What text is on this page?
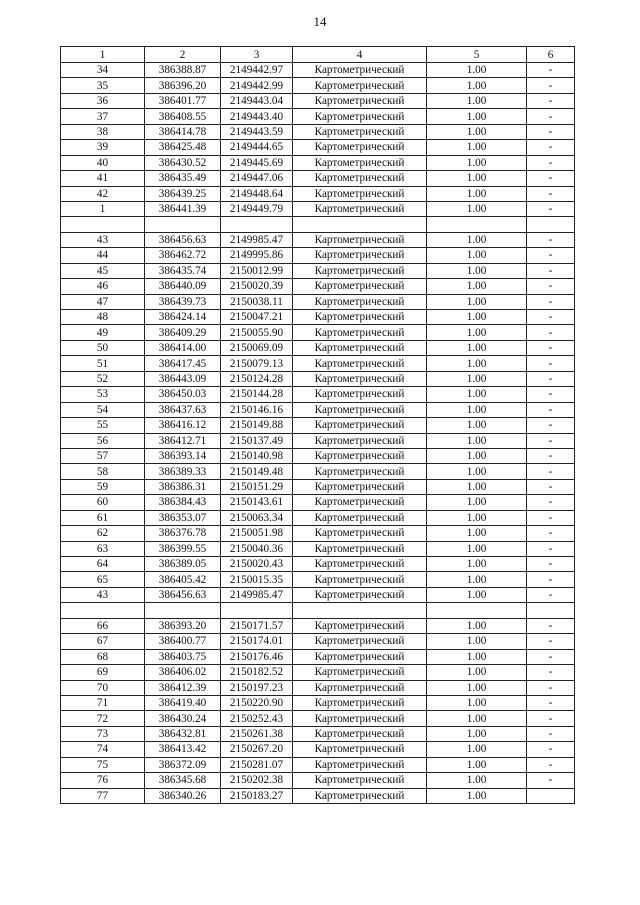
14
1	2	3	4	5	6
34	386388.87	2149442.97	Картометрический	1.00	-
35	386396.20	2149442.99	Картометрический	1.00	-
36	386401.77	2149443.04	Картометрический	1.00	-
37	386408.55	2149443.40	Картометрический	1.00	-
38	386414.78	2149443.59	Картометрический	1.00	-
39	386425.48	2149444.65	Картометрический	1.00	-
40	386430.52	2149445.69	Картометрический	1.00	-
41	386435.49	2149447.06	Картометрический	1.00	-
42	386439.25	2149448.64	Картометрический	1.00	-
1	386441.39	2149449.79	Картометрический	1.00	-

43	386456.63	2149985.47	Картометрический	1.00	-
44	386462.72	2149995.86	Картометрический	1.00	-
45	386435.74	2150012.99	Картометрический	1.00	-
46	386440.09	2150020.39	Картометрический	1.00	-
47	386439.73	2150038.11	Картометрический	1.00	-
48	386424.14	2150047.21	Картометрический	1.00	-
49	386409.29	2150055.90	Картометрический	1.00	-
50	386414.00	2150069.09	Картометрический	1.00	-
51	386417.45	2150079.13	Картометрический	1.00	-
52	386443.09	2150124.28	Картометрический	1.00	-
53	386450.03	2150144.28	Картометрический	1.00	-
54	386437.63	2150146.16	Картометрический	1.00	-
55	386416.12	2150149.88	Картометрический	1.00	-
56	386412.71	2150137.49	Картометрический	1.00	-
57	386393.14	2150140.98	Картометрический	1.00	-
58	386389.33	2150149.48	Картометрический	1.00	-
59	386386.31	2150151.29	Картометрический	1.00	-
60	386384.43	2150143.61	Картометрический	1.00	-
61	386353.07	2150063.34	Картометрический	1.00	-
62	386376.78	2150051.98	Картометрический	1.00	-
63	386399.55	2150040.36	Картометрический	1.00	-
64	386389.05	2150020.43	Картометрический	1.00	-
65	386405.42	2150015.35	Картометрический	1.00	-
43	386456.63	2149985.47	Картометрический	1.00	-

66	386393.20	2150171.57	Картометрический	1.00	-
67	386400.77	2150174.01	Картометрический	1.00	-
68	386403.75	2150176.46	Картометрический	1.00	-
69	386406.02	2150182.52	Картометрический	1.00	-
70	386412.39	2150197.23	Картометрический	1.00	-
71	386419.40	2150220.90	Картометрический	1.00	-
72	386430.24	2150252.43	Картометрический	1.00	-
73	386432.81	2150261.38	Картометрический	1.00	-
74	386413.42	2150267.20	Картометрический	1.00	-
75	386372.09	2150281.07	Картометрический	1.00	-
76	386345.68	2150202.38	Картометрический	1.00	-
77	386340.26	2150183.27	Картометрический	1.00	
